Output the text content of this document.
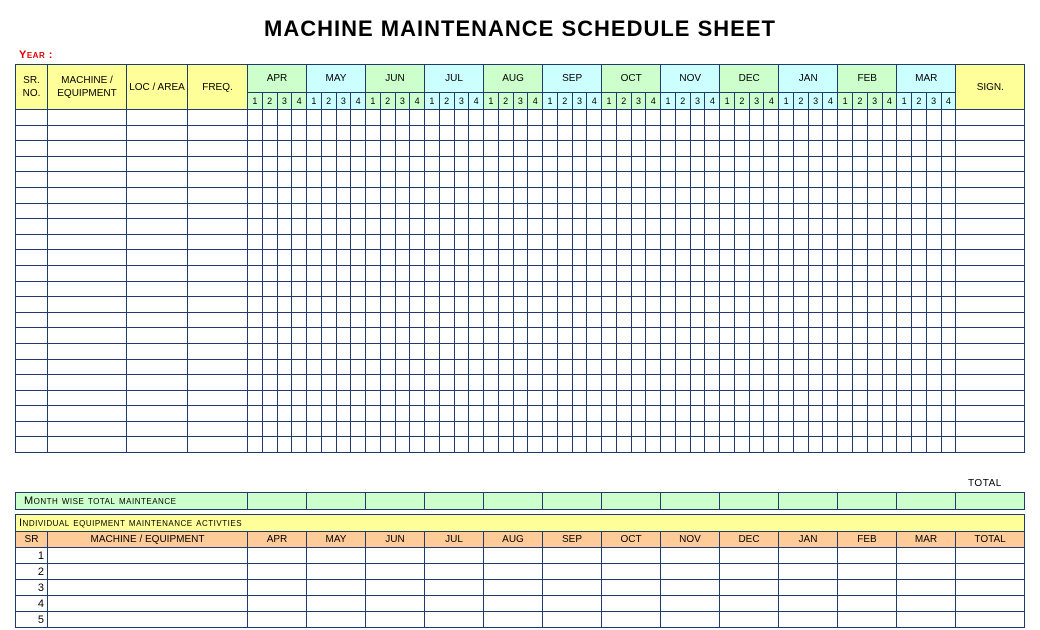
MACHINE MAINTENANCE SCHEDULE SHEET
Year :
SR. NO.	MACHINE / EQUIPMENT	LOC / AREA	FREQ.	APR				MAY				JUN				JUL				AUG				SEP				OCT				NOV				DEC				JAN				FEB				MAR				SIGN.
				1	2	3	4	1	2	3	4	1	2	3	4	1	2	3	4	1	2	3	4	1	2	3	4	1	2	3	4	1	2	3	4	1	2	3	4	1	2	3	4	1	2	3	4	1	2	3	4	

TOTAL
Month wise total mainteance													
Individual equipment maintenance activties														
SR	MACHINE / EQUIPMENT	APR	MAY	JUN	JUL	AUG	SEP	OCT	NOV	DEC	JAN	FEB	MAR	TOTAL
1														
2														
3														
4														
5														
